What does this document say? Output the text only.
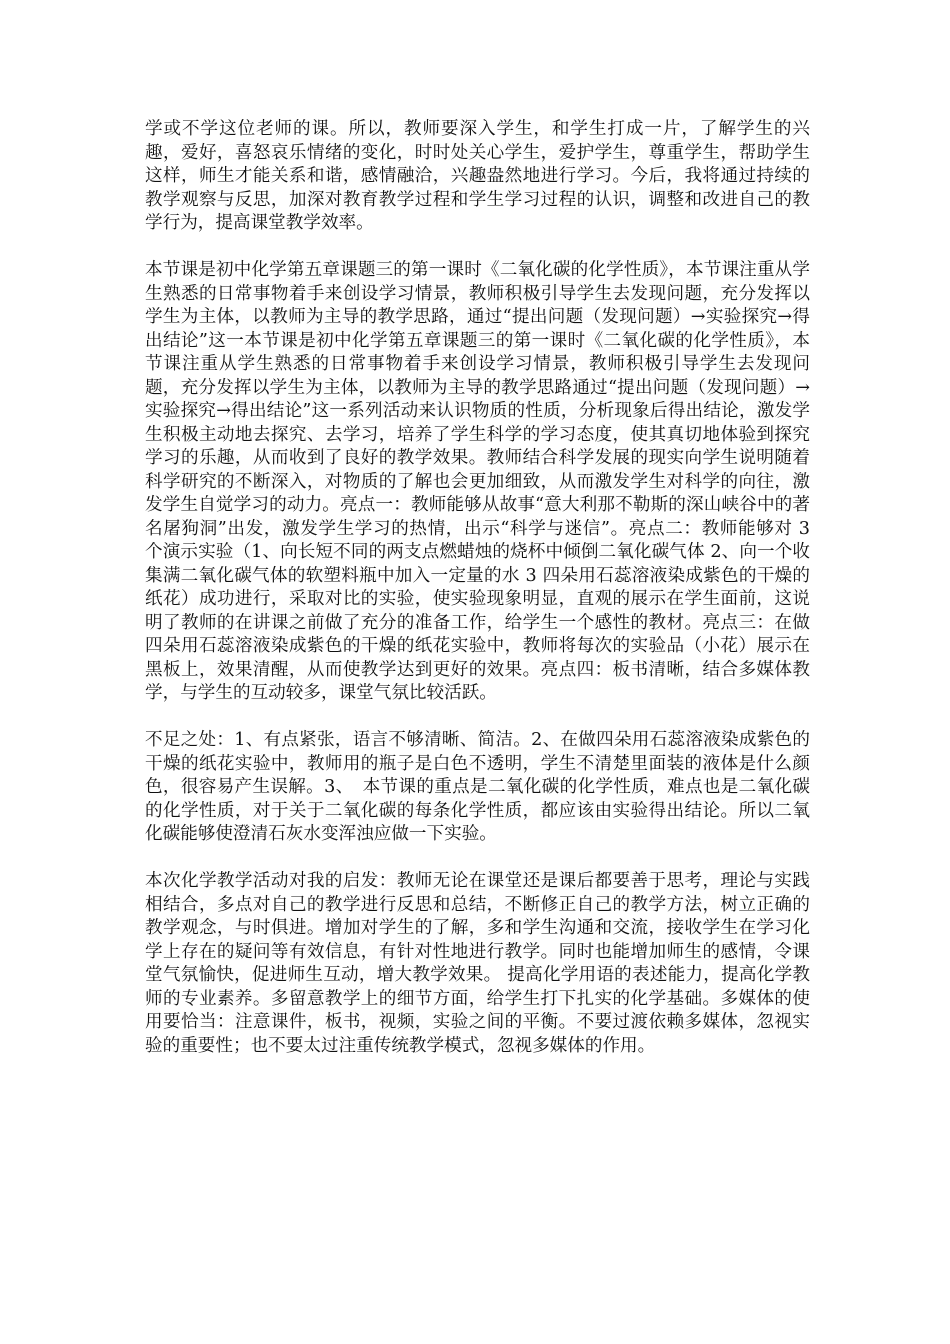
学或不学这位老师的课。所以，教师要深入学生，和学生打成一片，了解学生的兴趣，爱好，喜怒哀乐情绪的变化，时时处关心学生，爱护学生，尊重学生，帮助学生这样，师生才能关系和谐，感情融洽，兴趣盎然地进行学习。今后，我将通过持续的教学观察与反思，加深对教育教学过程和学生学习过程的认识，调整和改进自己的教学行为，提高课堂教学效率。

本节课是初中化学第五章课题三的第一课时《二氧化碳的化学性质》，本节课注重从学生熟悉的日常事物着手来创设学习情景，教师积极引导学生去发现问题，充分发挥以学生为主体，以教师为主导的教学思路，通过“提出问题（发现问题）→实验探究→得出结论”这一本节课是初中化学第五章课题三的第一课时《二氧化碳的化学性质》，本节课注重从学生熟悉的日常事物着手来创设学习情景，教师积极引导学生去发现问题，充分发挥以学生为主体，以教师为主导的教学思路通过“提出问题（发现问题）→实验探究→得出结论”这一系列活动来认识物质的性质，分析现象后得出结论，激发学生积极主动地去探究、去学习，培养了学生科学的学习态度，使其真切地体验到探究学习的乐趣，从而收到了良好的教学效果。教师结合科学发展的现实向学生说明随着科学研究的不断深入，对物质的了解也会更加细致，从而激发学生对科学的向往，激发学生自觉学习的动力。亮点一：教师能够从故事“意大利那不勒斯的深山峡谷中的著名屠狗洞”出发，激发学生学习的热情，出示“科学与迷信”。亮点二：教师能够对 3 个演示实验（1、向长短不同的两支点燃蜡烛的烧杯中倾倒二氧化碳气体 2、向一个收集满二氧化碳气体的软塑料瓶中加入一定量的水 3 四朵用石蕊溶液染成紫色的干燥的纸花）成功进行，采取对比的实验，使实验现象明显，直观的展示在学生面前，这说明了教师的在讲课之前做了充分的准备工作，给学生一个感性的教材。亮点三：在做四朵用石蕊溶液染成紫色的干燥的纸花实验中，教师将每次的实验品（小花）展示在黑板上，效果清醒，从而使教学达到更好的效果。亮点四：板书清晰，结合多媒体教学，与学生的互动较多，课堂气氛比较活跃。

不足之处：1、有点紧张，语言不够清晰、简洁。2、在做四朵用石蕊溶液染成紫色的干燥的纸花实验中，教师用的瓶子是白色不透明，学生不清楚里面装的液体是什么颜色，很容易产生误解。3、　本节课的重点是二氧化碳的化学性质，难点也是二氧化碳的化学性质，对于关于二氧化碳的每条化学性质，都应该由实验得出结论。所以二氧化碳能够使澄清石灰水变浑浊应做一下实验。

本次化学教学活动对我的启发：教师无论在课堂还是课后都要善于思考，理论与实践相结合，多点对自己的教学进行反思和总结，不断修正自己的教学方法，树立正确的教学观念，与时俱进。增加对学生的了解，多和学生沟通和交流，接收学生在学习化学上存在的疑问等有效信息，有针对性地进行教学。同时也能增加师生的感情，令课堂气氛愉快，促进师生互动，增大教学效果。 提高化学用语的表述能力，提高化学教师的专业素养。多留意教学上的细节方面，给学生打下扎实的化学基础。多媒体的使用要恰当：注意课件，板书，视频，实验之间的平衡。不要过渡依赖多媒体，忽视实验的重要性；也不要太过注重传统教学模式，忽视多媒体的作用。
